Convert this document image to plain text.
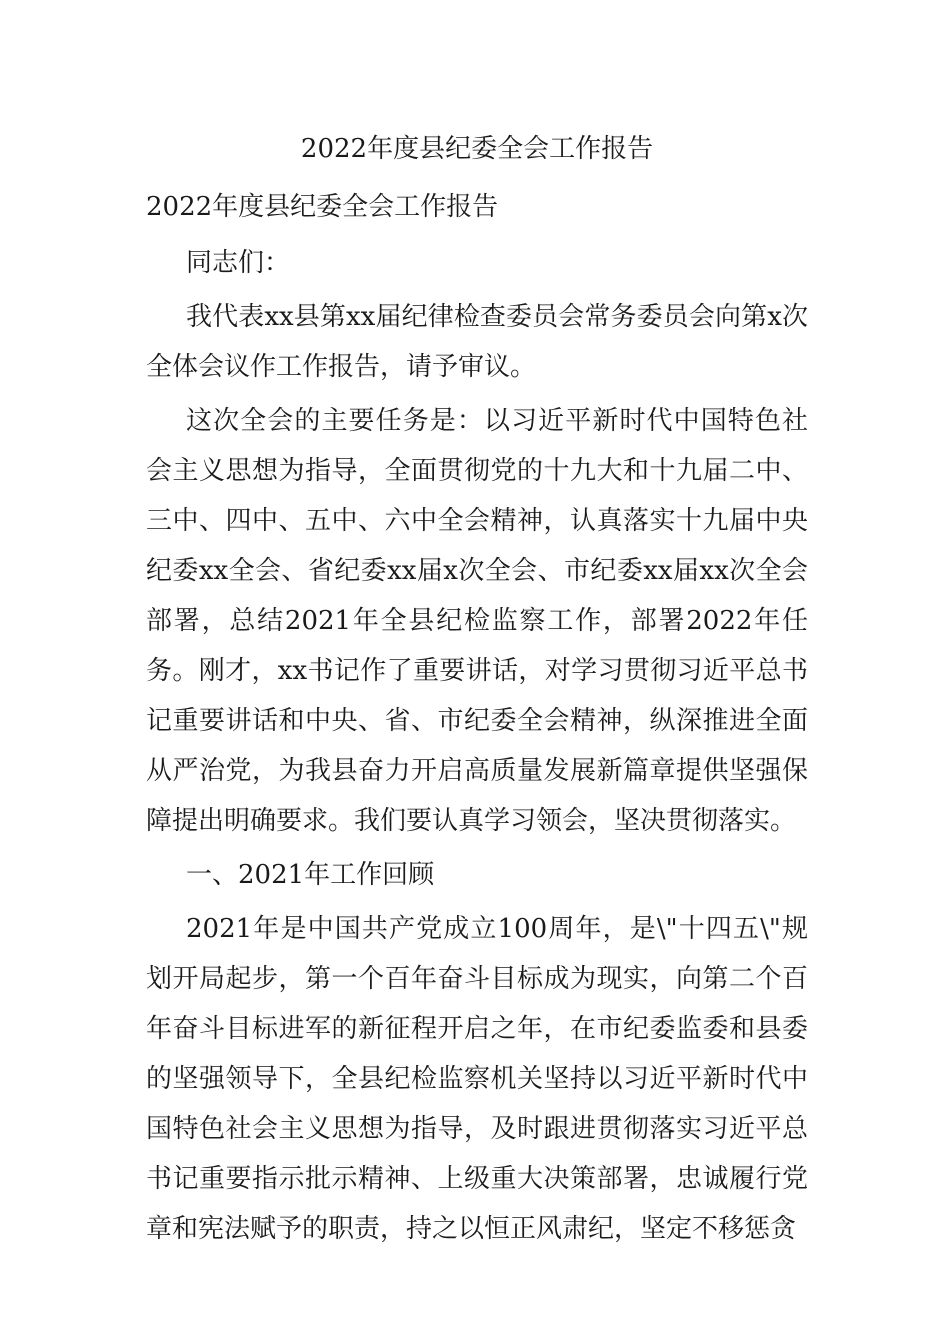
2022年度县纪委全会工作报告

2022年度县纪委全会工作报告

同志们：

我代表xx县第xx届纪律检查委员会常务委员会向第x次全体会议作工作报告，请予审议。

这次全会的主要任务是：以习近平新时代中国特色社会主义思想为指导，全面贯彻党的十九大和十九届二中、三中、四中、五中、六中全会精神，认真落实十九届中央纪委xx全会、省纪委xx届x次全会、市纪委xx届xx次全会部署，总结2021年全县纪检监察工作，部署2022年任务。刚才，xx书记作了重要讲话，对学习贯彻习近平总书记重要讲话和中央、省、市纪委全会精神，纵深推进全面从严治党，为我县奋力开启高质量发展新篇章提供坚强保障提出明确要求。我们要认真学习领会，坚决贯彻落实。

一、2021年工作回顾

2021年是中国共产党成立100周年，是\"十四五\"规划开局起步，第一个百年奋斗目标成为现实，向第二个百年奋斗目标进军的新征程开启之年，在市纪委监委和县委的坚强领导下，全县纪检监察机关坚持以习近平新时代中国特色社会主义思想为指导，及时跟进贯彻落实习近平总书记重要指示批示精神、上级重大决策部署，忠诚履行党章和宪法赋予的职责，持之以恒正风肃纪，坚定不移惩贪
